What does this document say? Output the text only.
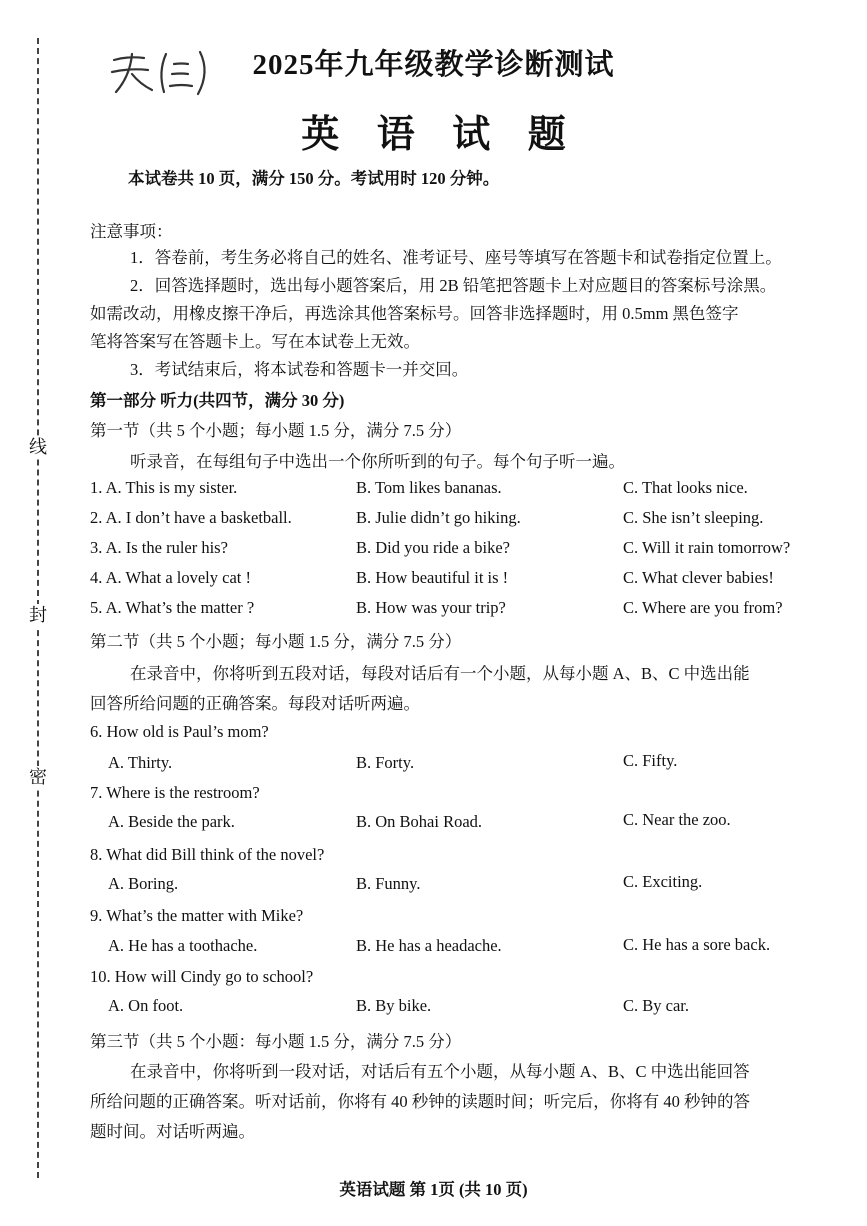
线
封
密
2025年九年级教学诊断测试
英 语 试 题
本试卷共 10 页，满分 150 分。考试用时 120 分钟。
注意事项：
1．答卷前，考生务必将自己的姓名、准考证号、座号等填写在答题卡和试卷指定位置上。
2．回答选择题时，选出每小题答案后，用 2B 铅笔把答题卡上对应题目的答案标号涂黑。
如需改动，用橡皮擦干净后，再选涂其他答案标号。回答非选择题时，用 0.5mm 黑色签字
笔将答案写在答题卡上。写在本试卷上无效。
3．考试结束后，将本试卷和答题卡一并交回。
第一部分 听力(共四节，满分 30 分)
第一节（共 5 个小题；每小题 1.5 分，满分 7.5 分）
听录音，在每组句子中选出一个你所听到的句子。每个句子听一遍。
1. A. This is my sister.	B. Tom likes bananas.	C. That looks nice.
2. A. I don’t have a basketball.	B. Julie didn’t go hiking.	C. She isn’t sleeping.
3. A. Is the ruler his?	B. Did you ride a bike?	C. Will it rain tomorrow?
4. A. What a lovely cat !	B. How beautiful it is !	C. What clever babies!
5. A. What’s the matter ?	B. How was your trip?	C. Where are you from?
第二节（共 5 个小题；每小题 1.5 分，满分 7.5 分）
在录音中，你将听到五段对话，每段对话后有一个小题，从每小题 A、B、C 中选出能
回答所给问题的正确答案。每段对话听两遍。
6. How old is Paul’s mom?
A. Thirty.	B. Forty.	C. Fifty.
7. Where is the restroom?
A. Beside the park.	B. On Bohai Road.	C. Near the zoo.
8. What did Bill think of the novel?
A. Boring.	B. Funny.	C. Exciting.
9. What’s the matter with Mike?
A. He has a toothache.	B. He has a headache.	C. He has a sore back.
10. How will Cindy go to school?
A. On foot.	B. By bike.	C. By car.
第三节（共 5 个小题：每小题 1.5 分，满分 7.5 分）
在录音中，你将听到一段对话，对话后有五个小题，从每小题 A、B、C 中选出能回答
所给问题的正确答案。听对话前，你将有 40 秒钟的读题时间；听完后，你将有 40 秒钟的答
题时间。对话听两遍。
英语试题 第 1页 (共 10 页)
